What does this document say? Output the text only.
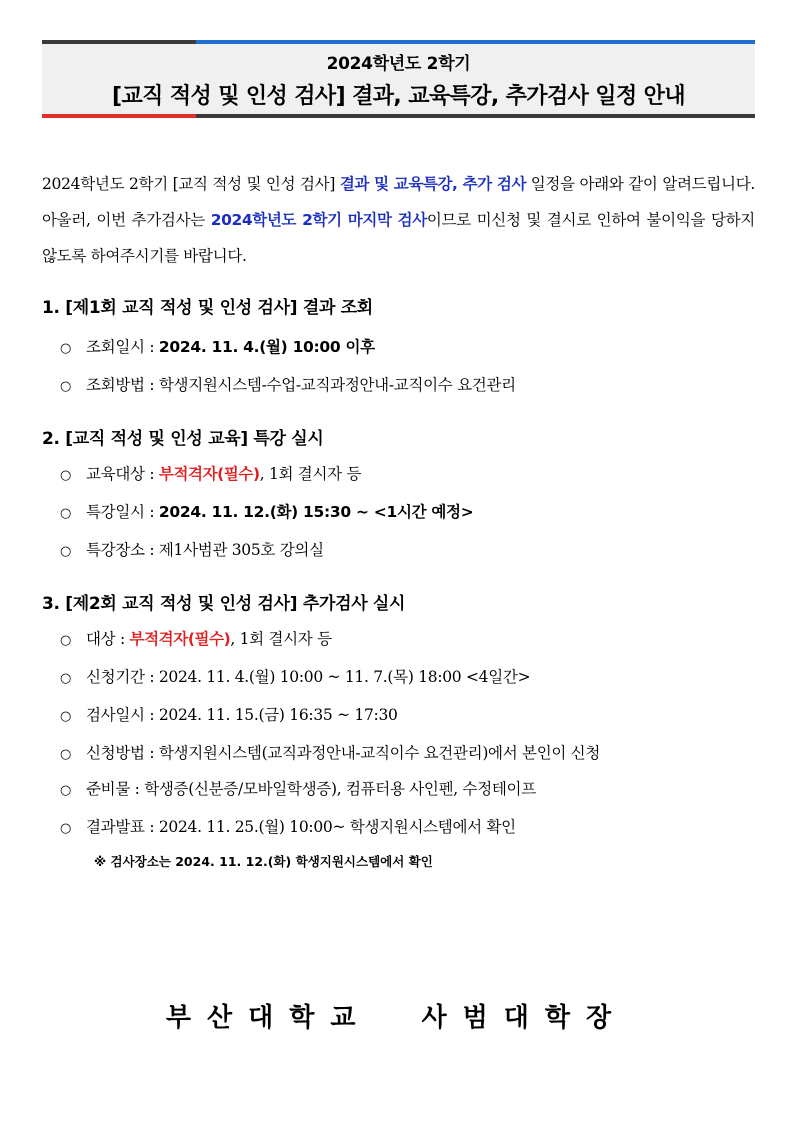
2024학년도 2학기
[교직 적성 및 인성 검사] 결과, 교육특강, 추가검사 일정 안내
2024학년도 2학기 [교직 적성 및 인성 검사] 결과 및 교육특강, 추가 검사 일정을 아래와 같이 알려드립니다. 아울러, 이번 추가검사는 2024학년도 2학기 마지막 검사이므로 미신청 및 결시로 인하여 불이익을 당하지 않도록 하여주시기를 바랍니다.
1. [제1회 교직 적성 및 인성 검사] 결과 조회
○ 조회일시 : 2024. 11. 4.(월) 10:00 이후
○ 조회방법 : 학생지원시스템-수업-교직과정안내-교직이수 요건관리
2. [교직 적성 및 인성 교육] 특강 실시
○ 교육대상 : 부적격자(필수), 1회 결시자 등
○ 특강일시 : 2024. 11. 12.(화) 15:30 ~ <1시간 예정>
○ 특강장소 : 제1사범관 305호 강의실
3. [제2회 교직 적성 및 인성 검사] 추가검사 실시
○ 대상 : 부적격자(필수), 1회 결시자 등
○ 신청기간 : 2024. 11. 4.(월) 10:00 ~ 11. 7.(목) 18:00 <4일간>
○ 검사일시 : 2024. 11. 15.(금) 16:35 ~ 17:30
○ 신청방법 : 학생지원시스템(교직과정안내-교직이수 요건관리)에서 본인이 신청
○ 준비물 : 학생증(신분증/모바일학생증), 컴퓨터용 사인펜, 수정테이프
○ 결과발표 : 2024. 11. 25.(월) 10:00~ 학생지원시스템에서 확인
※ 검사장소는 2024. 11. 12.(화) 학생지원시스템에서 확인
부산대학교  사범대학장
